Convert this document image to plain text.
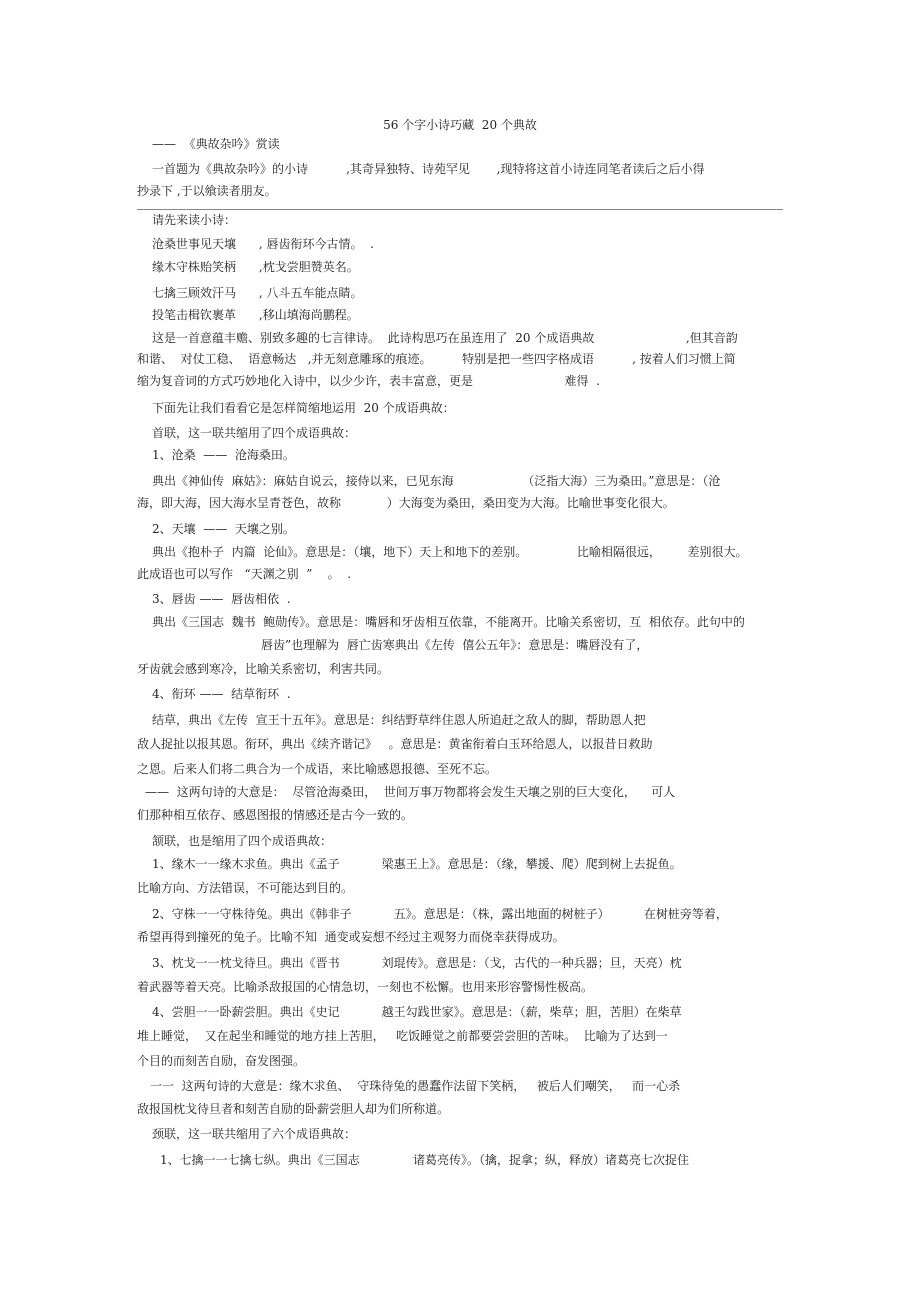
56 个字小诗巧藏  20 个典故
——  《典故杂吟》赏读
一首题为《典故杂吟》的小诗          ,其奇异独特、诗苑罕见       ,现特将这首小诗连同笔者读后之后小得
抄录下 ,于以飨读者朋友。
请先来读小诗：
沧桑世事见天壤      , 唇齿衔环今古情。  .
缘木守株贻笑柄      ,枕戈尝胆赞英名。
七擒三顾效汗马      , 八斗五车能点睛。
投笔击楫钦裹革      ,移山填海尚鹏程。
这是一首意蕴丰赡、别致多趣的七言律诗。  此诗构思巧在虽连用了  20 个成语典故                        ,但其音韵
和谐、  对仗工稳、  语意畅达   ,并无刻意雕琢的痕迹。        特别是把一些四字格成语          , 按着人们习惯上简
缩为复音词的方式巧妙地化入诗中，以少少许，表丰富意，更是                        难得  .
下面先让我们看看它是怎样简缩地运用  20 个成语典故：
首联，这一联共缩用了四个成语典故：
1、沧桑  ——  沧海桑田。
典出《神仙传  麻姑》：麻姑自说云，接侍以来，已见东海                  （泛指大海）三为桑田。”意思是：（沧
海，即大海，因大海水呈青苍色，故称            ）大海变为桑田，桑田变为大海。比喻世事变化很大。
2、天壤  ——  天壤之别。
典出《抱朴子  内篇  论仙》。意思是：（壤，地下）天上和地下的差别。             比喻相隔很远，       差别很大。
此成语也可以写作   “天渊之别  ”    。  .
3、唇齿 ——  唇齿相依  .
典出《三国志  魏书  鲍勋传》。意思是：嘴唇和牙齿相互依靠，不能离开。比喻关系密切，互  相依存。此句中的
唇齿”也理解为  唇亡齿寒典出《左传  僖公五年》：意思是：嘴唇没有了，
牙齿就会感到寒冷，比喻关系密切，利害共同。
4、衔环 ——  结草衔环  .
结草，典出《左传  宣王十五年》。意思是：纠结野草绊住恩人所追赶之敌人的脚，帮助恩人把
敌人捉扯以报其恩。衔环，典出《续齐谐记》   。意思是：黄雀衔着白玉环给恩人，以报昔日救助
之恩。后来人们将二典合为一个成语，来比喻感恩报德、至死不忘。
——  这两句诗的大意是：  尽管沧海桑田，  世间万事万物都将会发生天壤之别的巨大变化，    可人
们那种相互依存、感恩图报的情感还是古今一致的。
颔联，也是缩用了四个成语典故：
1、缘木一一缘木求鱼。典出《孟子           梁惠王上》。意思是：（缘，攀援、爬）爬到树上去捉鱼。
比喻方向、方法错误，不可能达到目的。
2、守株一一守株待兔。典出《韩非子           五》。意思是：（株，露出地面的树桩子）         在树桩旁等着，
希望再得到撞死的兔子。比喻不知  通变或妄想不经过主观努力而侥幸获得成功。
3、枕戈一一枕戈待旦。典出《晋书           刘琨传》。意思是：（戈，古代的一种兵器；旦，天亮）枕
着武器等着天亮。比喻杀敌报国的心情急切，一刻也不松懈。也用来形容警惕性极高。
4、尝胆一一卧薪尝胆。典出《史记           越王勾践世家》。意思是：（薪，柴草；胆，苦胆）在柴草
堆上睡觉，  又在起坐和睡觉的地方挂上苦胆，   吃饭睡觉之前都要尝尝胆的苦味。  比喻为了达到一
个目的而刻苦自励，奋发图强。
一一  这两句诗的大意是：缘木求鱼、  守珠待兔的愚蠢作法留下笑柄，   被后人们嘲笑，   而一心杀
敌报国枕戈待旦者和刻苦自励的卧薪尝胆人却为们所称道。
颈联，这一联共缩用了六个成语典故：
1、七擒一一七擒七纵。典出《三国志              诸葛亮传》。（擒，捉拿；纵，释放）诸葛亮七次捉住
